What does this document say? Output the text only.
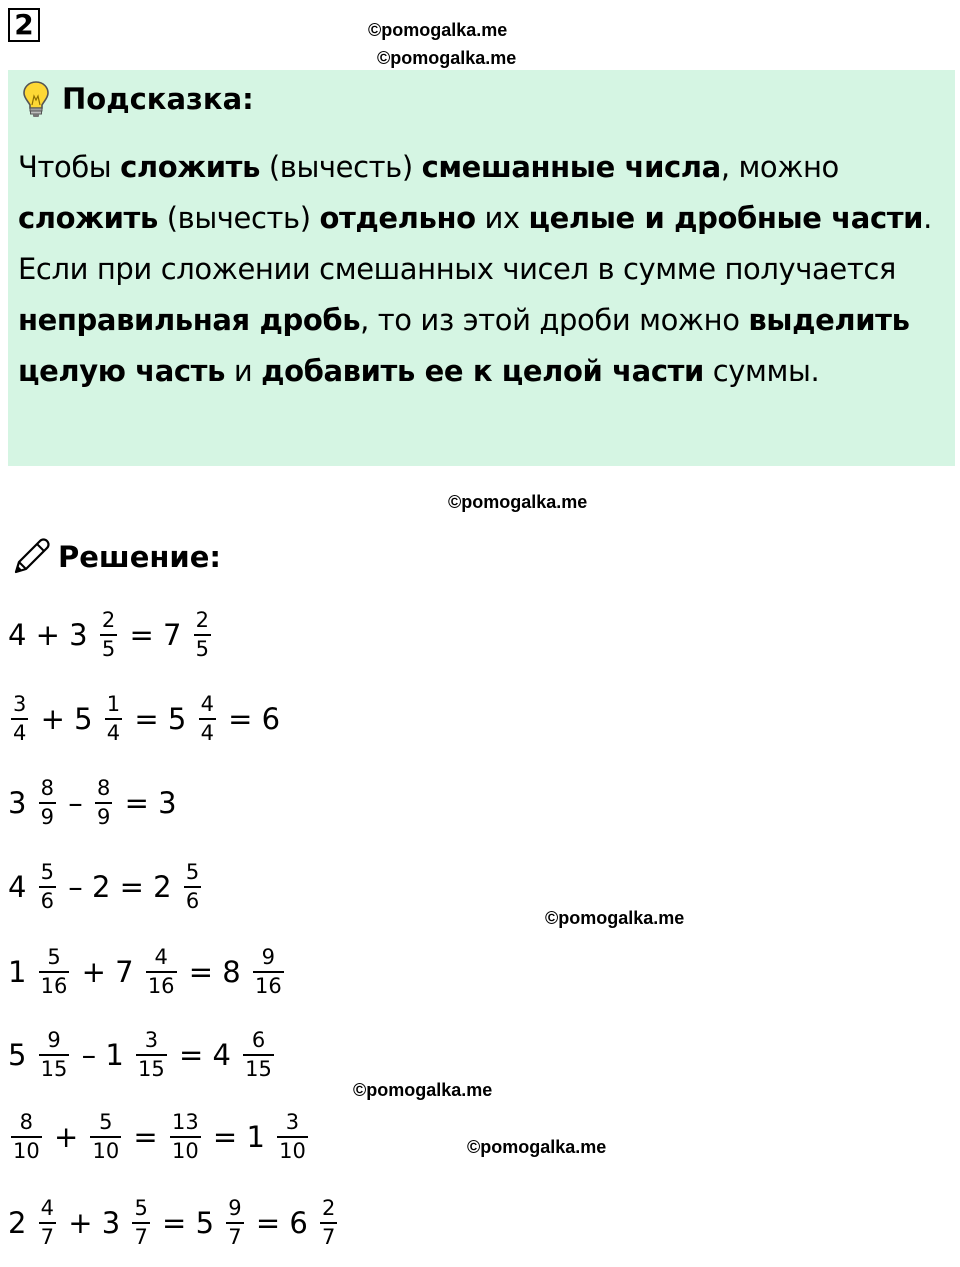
2	©pomogalka.me
©pomogalka.me
©pomogalka.me
©pomogalka.me
©pomogalka.me
©pomogalka.me
Подсказка:
Чтобы сложить (вычесть) смешанные числа, можно
сложить (вычесть) отдельно их целые и дробные части.
Если при сложении смешанных чисел в сумме получается
неправильная дробь, то из этой дроби можно выделить
целую часть и добавить ее к целой части суммы.
Решение:
$4 + 3 \frac{2}{5} = 7 \frac{2}{5}$
$\frac{3}{4} + 5 \frac{1}{4} = 5 \frac{4}{4} = 6$
$3 \frac{8}{9} - \frac{8}{9} = 3$
$4 \frac{5}{6} - 2 = 2 \frac{5}{6}$
$1 \frac{5}{16} + 7 \frac{4}{16} = 8 \frac{9}{16}$
$5 \frac{9}{15} - 1 \frac{3}{15} = 4 \frac{6}{15}$
$\frac{8}{10} + \frac{5}{10} = \frac{13}{10} = 1 \frac{3}{10}$
$2 \frac{4}{7} + 3 \frac{5}{7} = 5 \frac{9}{7} = 6 \frac{2}{7}$
